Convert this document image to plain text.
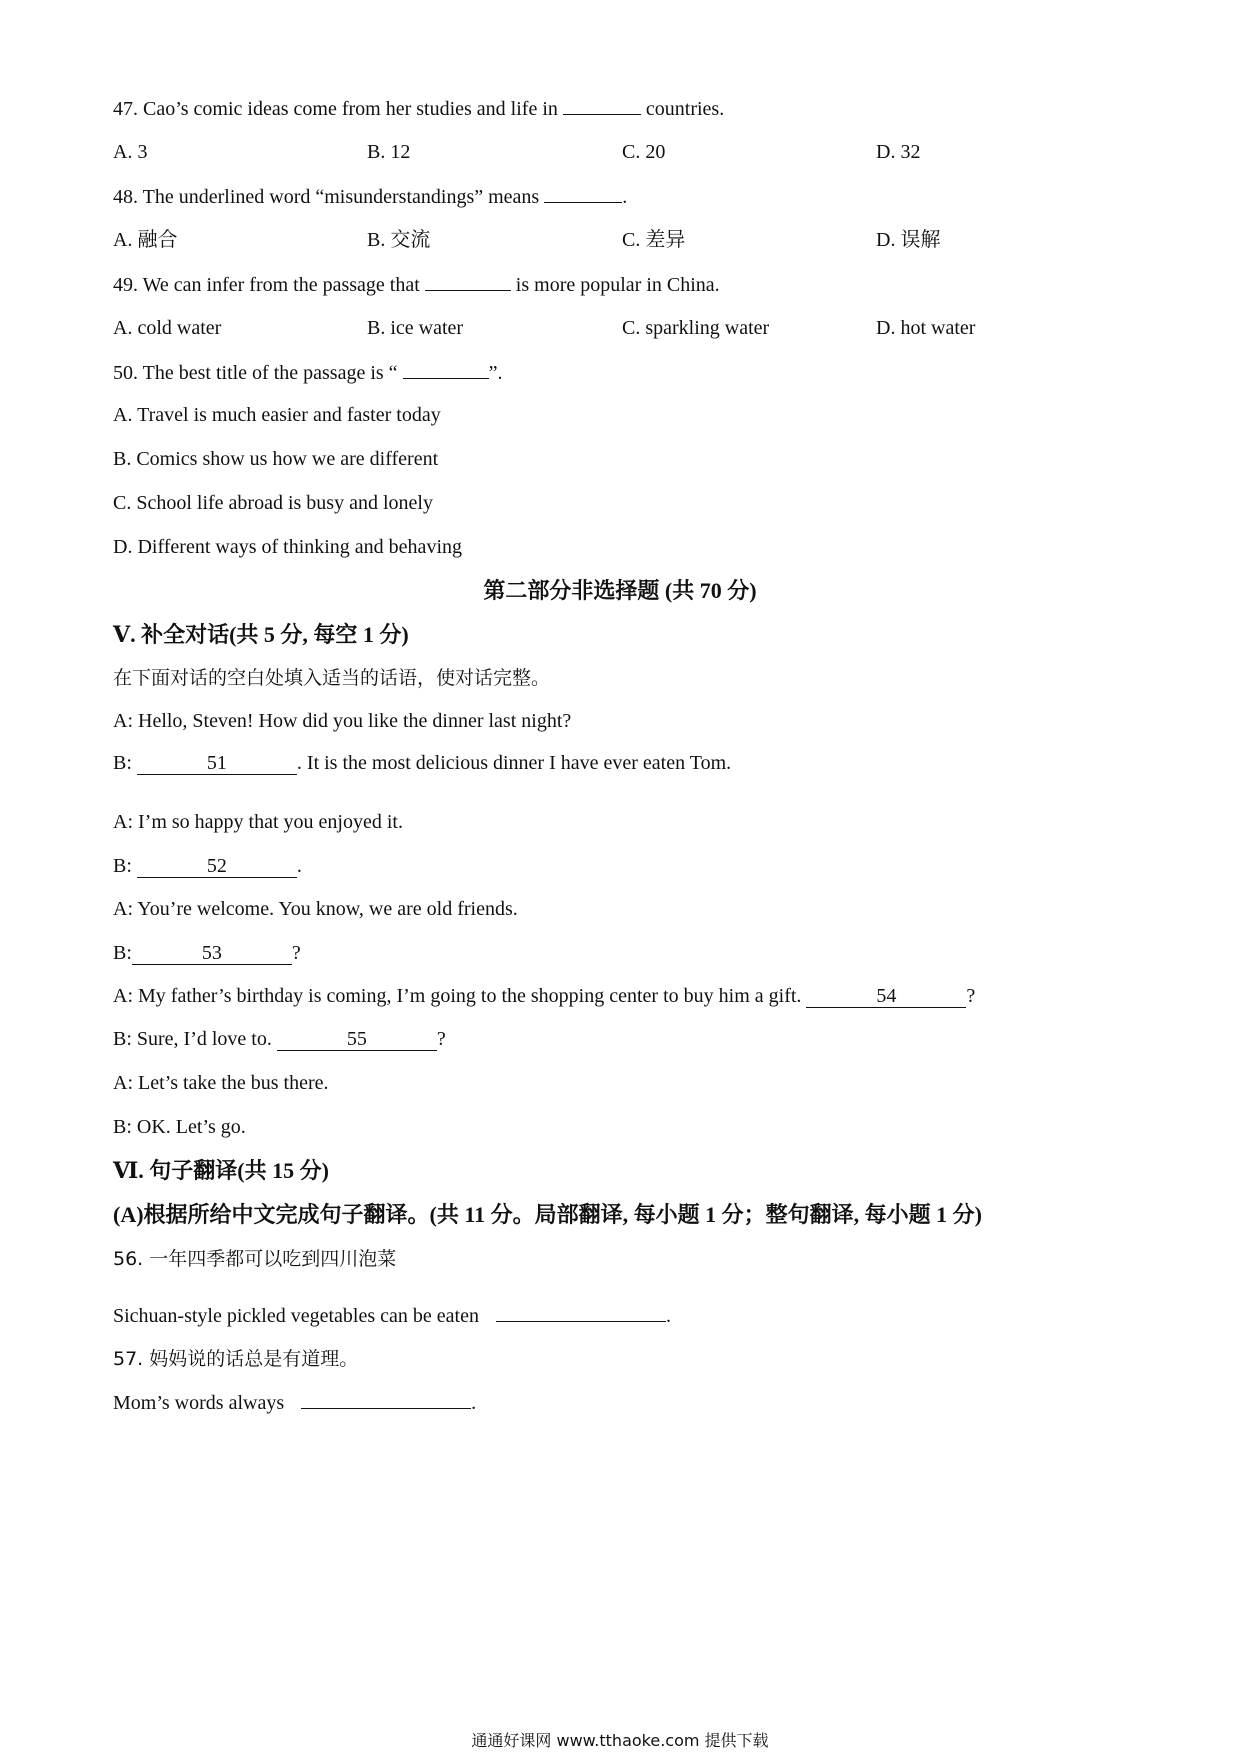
47. Cao’s comic ideas come from her studies and life in	countries.
A. 3	B. 12	C. 20	D. 32
48. The underlined word “misunderstandings” means	.
A. 融合	B. 交流	C. 差异	D. 误解
49. We can infer from the passage that	is more popular in China.
A. cold water	B. ice water	C. sparkling water	D. hot water
50. The best title of the passage is “	”.
A. Travel is much easier and faster today
B. Comics show us how we are different
C. School life abroad is busy and lonely
D. Different ways of thinking and behaving
第二部分非选择题 (共 70 分)
Ⅴ. 补全对话(共 5 分, 每空 1 分)
在下面对话的空白处填入适当的话语，使对话完整。
A: Hello, Steven! How did you like the dinner last night?
B:	51	. It is the most delicious dinner I have ever eaten Tom.
A: I’m so happy that you enjoyed it.
B:	52	.
A: You’re welcome. You know, we are old friends.
B:	53	?
A: My father’s birthday is coming, I’m going to the shopping center to buy him a gift.	54	?
B: Sure, I’d love to.	55	?
A: Let’s take the bus there.
B: OK. Let’s go.
Ⅵ. 句子翻译(共 15 分)
(A)根据所给中文完成句子翻译。(共 11 分。局部翻译, 每小题 1 分；整句翻译, 每小题 1 分)
56. 一年四季都可以吃到四川泡菜
Sichuan-style pickled vegetables can be eaten	.
57. 妈妈说的话总是有道理。
Mom’s words always	.
通通好课网 www.tthaoke.com 提供下载
